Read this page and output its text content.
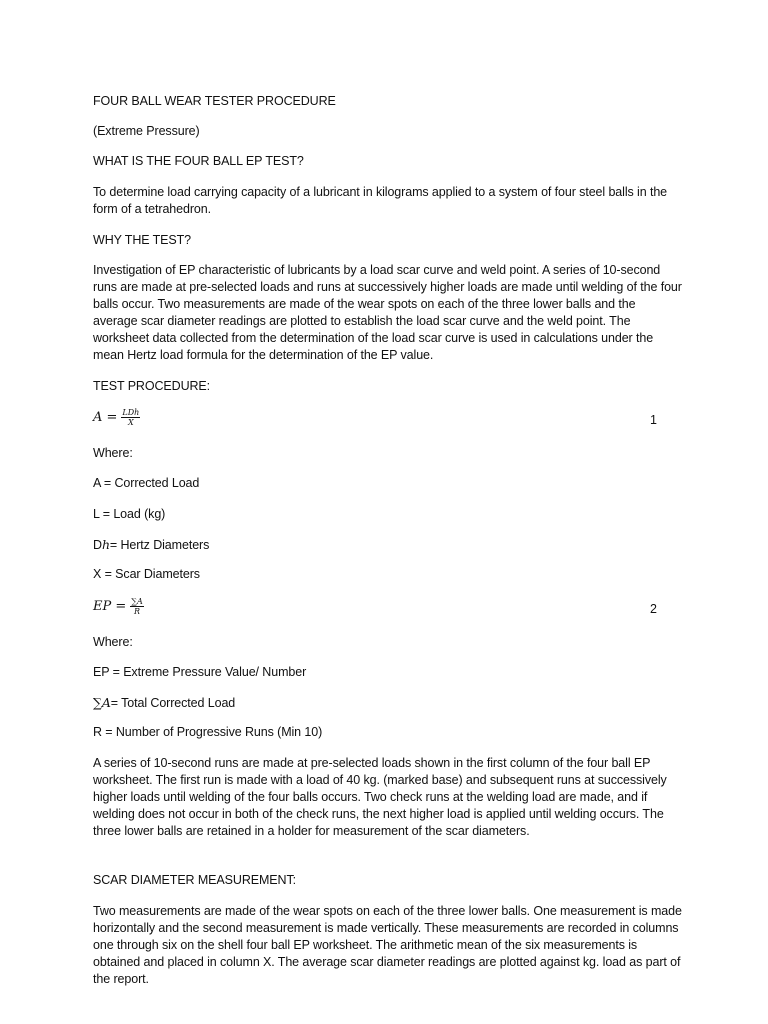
FOUR BALL WEAR TESTER PROCEDURE

(Extreme Pressure)

WHAT IS THE FOUR BALL EP TEST?

To determine load carrying capacity of a lubricant in kilograms applied to a system of four steel balls in the form of a tetrahedron.

WHY THE TEST?

Investigation of EP characteristic of lubricants by a load scar curve and weld point. A series of 10-second runs are made at pre-selected loads and runs at successively higher loads are made until welding of the four balls occur. Two measurements are made of the wear spots on each of the three lower balls and the average scar diameter readings are plotted to establish the load scar curve and the weld point. The worksheet data collected from the determination of the load scar curve is used in calculations under the mean Hertz load formula for the determination of the EP value.

TEST PROCEDURE:

$A = \frac{\text{LDh}}{X}$	1

Where:

A = Corrected Load

L = Load (kg)

Dh= Hertz Diameters

X = Scar Diameters

EP = $\frac{\sum A}{R}$	2

Where:

EP = Extreme Pressure Value/ Number

∑A= Total Corrected Load

R = Number of Progressive Runs (Min 10)

A series of 10-second runs are made at pre-selected loads shown in the first column of the four ball EP worksheet. The first run is made with a load of 40 kg. (marked base) and subsequent runs at successively higher loads until welding of the four balls occurs. Two check runs at the welding load are made, and if welding does not occur in both of the check runs, the next higher load is applied until welding occurs. The three lower balls are retained in a holder for measurement of the scar diameters.

SCAR DIAMETER MEASUREMENT:

Two measurements are made of the wear spots on each of the three lower balls. One measurement is made horizontally and the second measurement is made vertically. These measurements are recorded in columns one through six on the shell four ball EP worksheet. The arithmetic mean of the six measurements is obtained and placed in column X. The average scar diameter readings are plotted against kg. load as part of the report.
